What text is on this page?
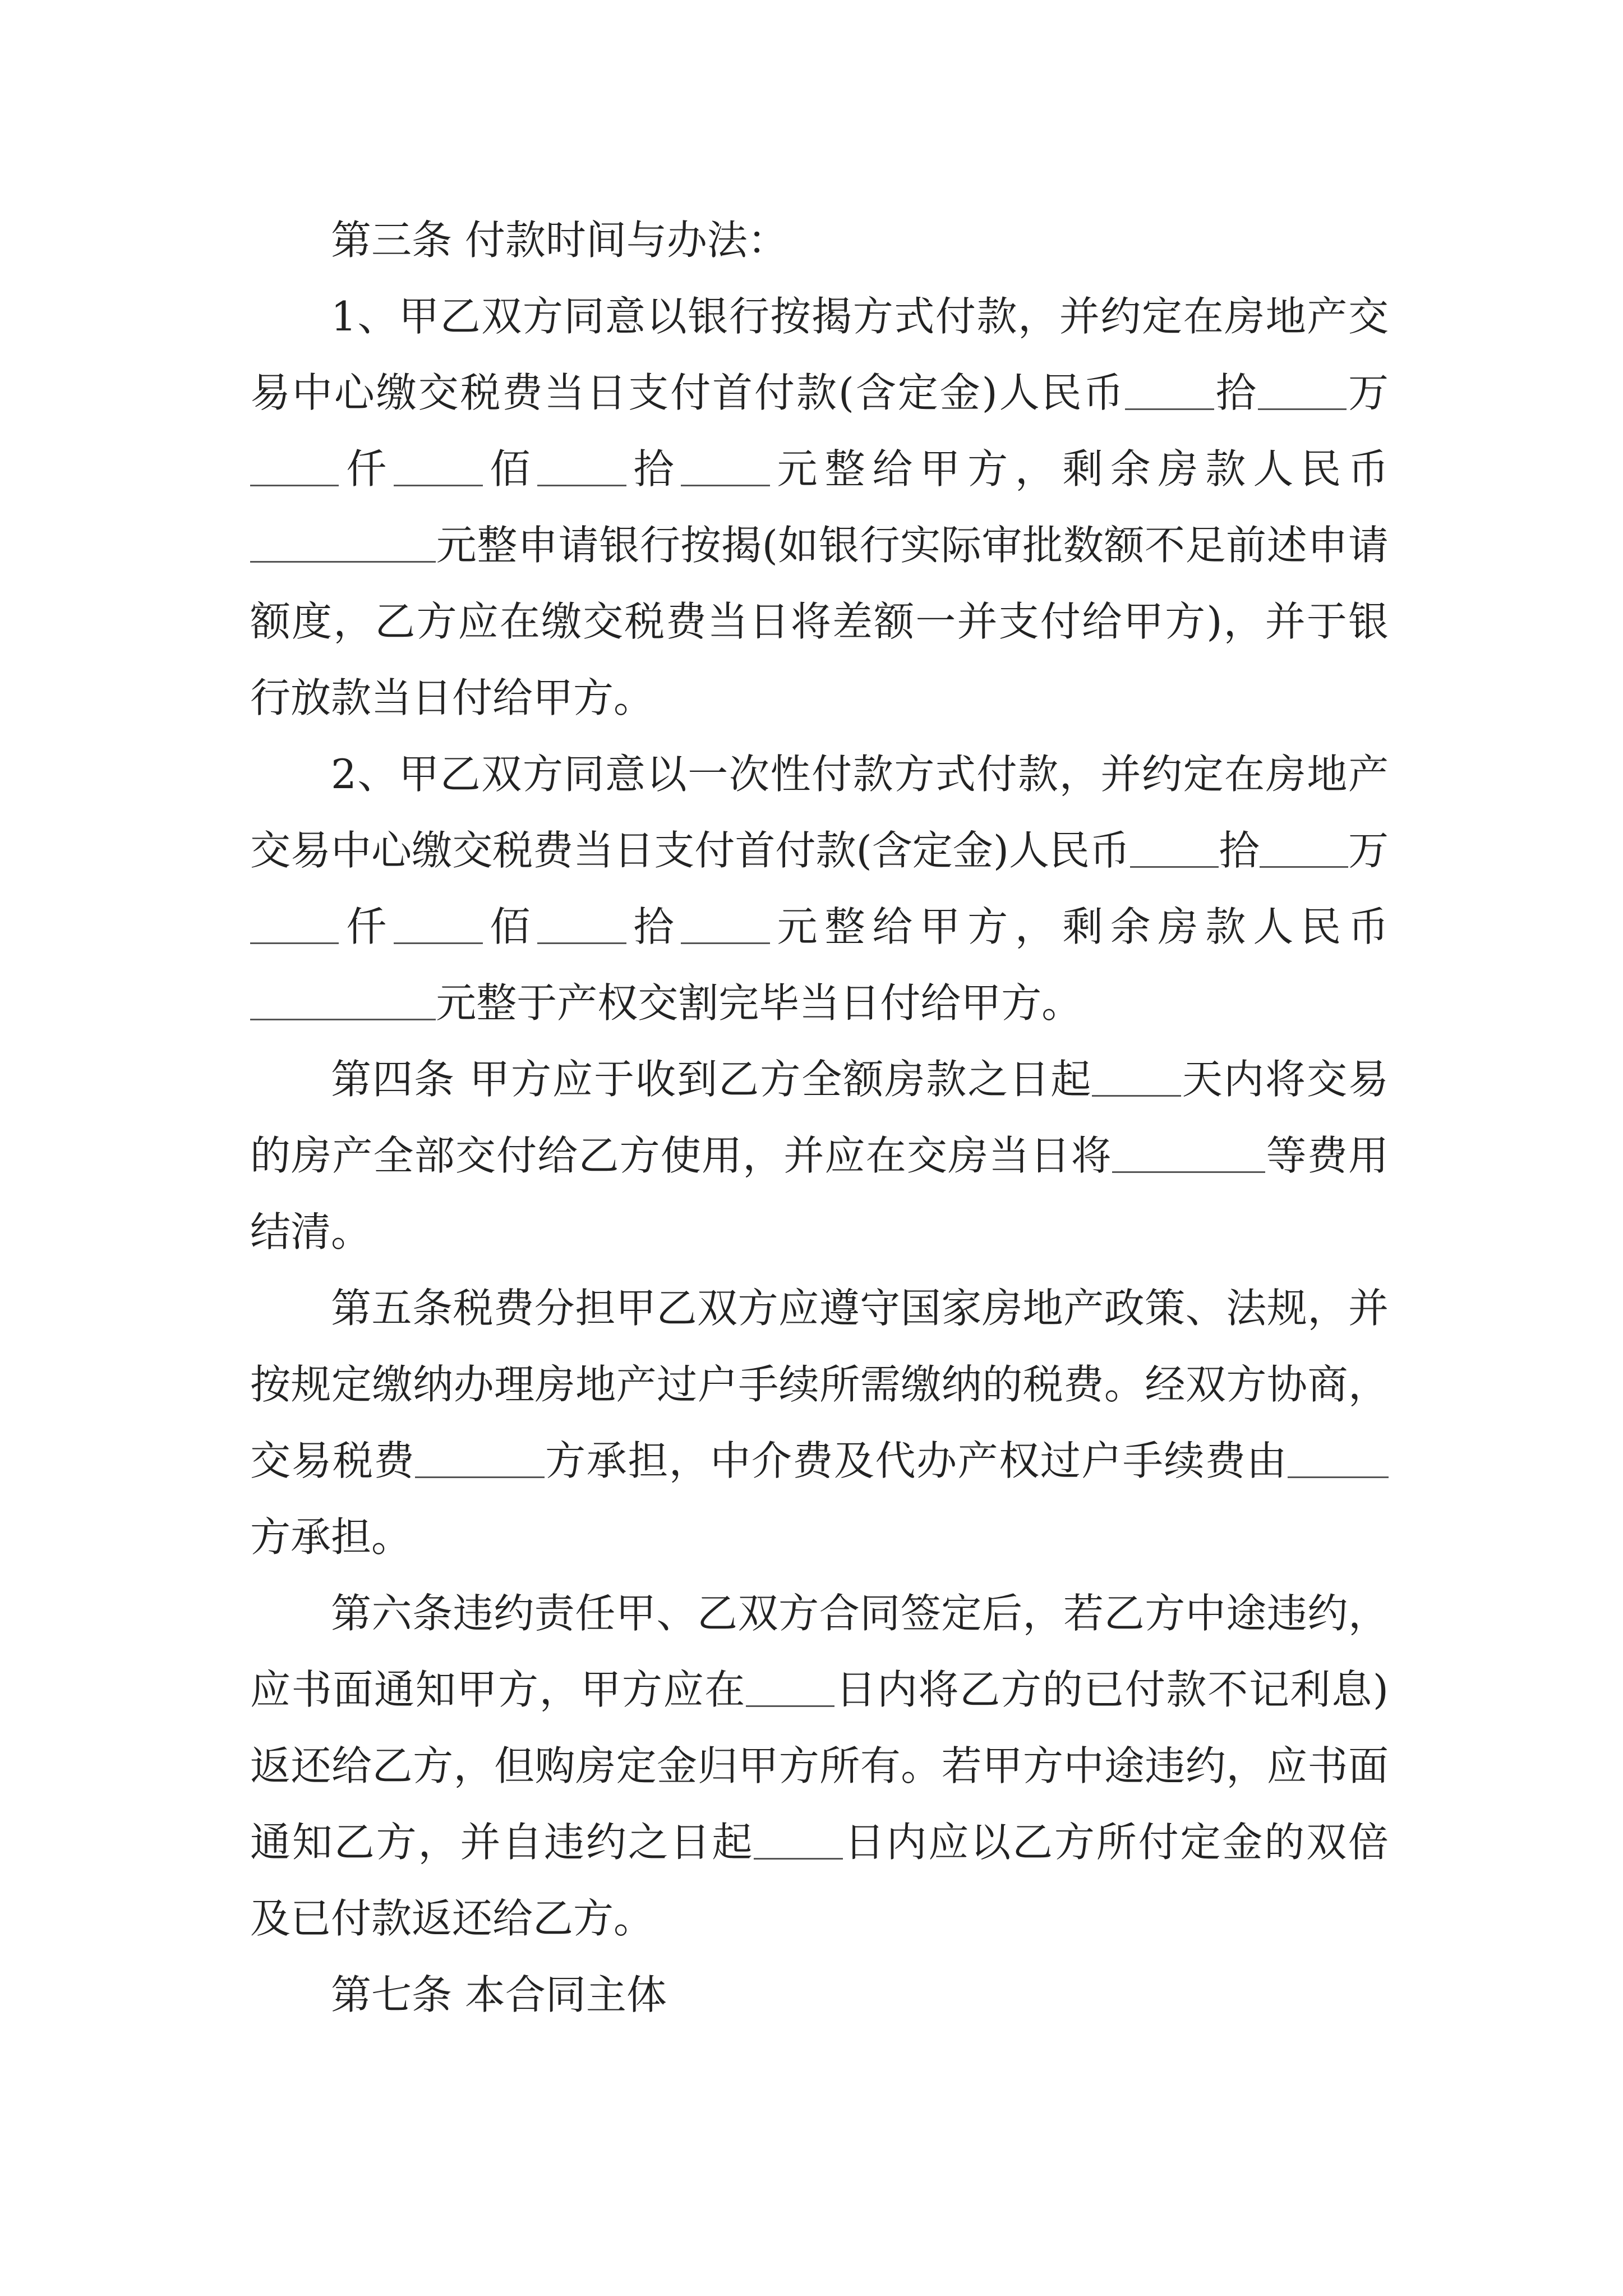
第三条 付款时间与办法：

1、甲乙双方同意以银行按揭方式付款，并约定在房地产交易中心缴交税费当日支付首付款(含定金)人民币 拾 万仟 佰 拾 元整给甲方，剩余房款人民币元整申请银行按揭(如银行实际审批数额不足前述申请额度，乙方应在缴交税费当日将差额一并支付给甲方)，并于银行放款当日付给甲方。

2、甲乙双方同意以一次性付款方式付款，并约定在房地产交易中心缴交税费当日支付首付款(含定金)人民币 拾 万仟 佰 拾 元整给甲方，剩余房款人民币元整于产权交割完毕当日付给甲方。

第四条 甲方应于收到乙方全额房款之日起 天内将交易的房产全部交付给乙方使用，并应在交房当日将	等费用结清。

第五条税费分担甲乙双方应遵守国家房地产政策、法规，并按规定缴纳办理房地产过户手续所需缴纳的税费。经双方协商，交易税费	方承担，中介费及代办产权过户手续费由方承担。

第六条违约责任甲、乙双方合同签定后，若乙方中途违约，应书面通知甲方，甲方应在 日内将乙方的已付款不记利息)返还给乙方，但购房定金归甲方所有。若甲方中途违约，应书面通知乙方，并自违约之日起 日内应以乙方所付定金的双倍及已付款返还给乙方。

第七条 本合同主体
